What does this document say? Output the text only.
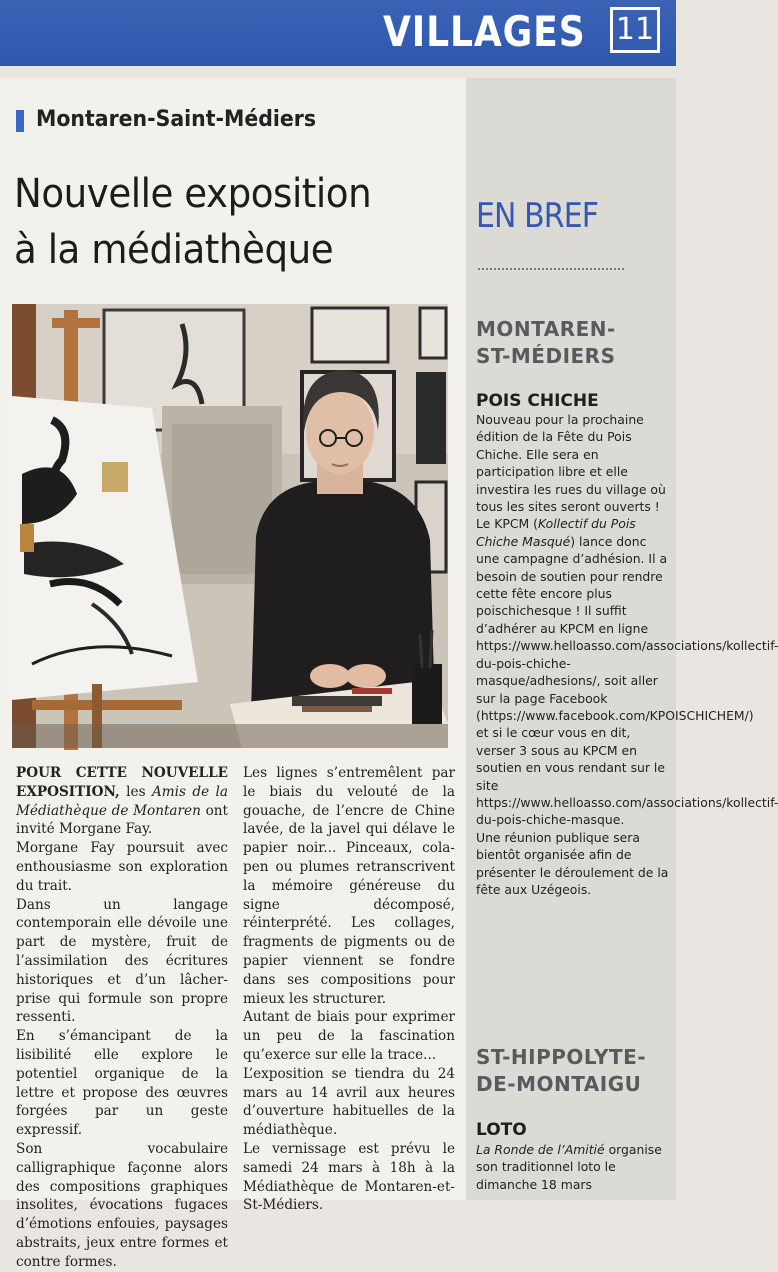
VILLAGES 11
Montaren-Saint-Médiers
Nouvelle exposition
à la médiathèque

POUR CETTE NOUVELLE EXPOSITION, les Amis de la Médiathèque de Montaren ont invité Morgane Fay.

Morgane Fay poursuit avec enthousiasme son exploration du trait.

Dans un langage contemporain elle dévoile une part de mystère, fruit de l’assimilation des écritures historiques et d’un lâcher-prise qui formule son propre ressenti.

En s’émancipant de la lisibilité elle explore le potentiel organique de la lettre et propose des œuvres forgées par un geste expressif.

Son vocabulaire calligraphique façonne alors des compositions graphiques insolites, évocations fugaces d’émotions enfouies, paysages abstraits, jeux entre formes et contre formes.

Les lignes s’entremêlent par le biais du velouté de la gouache, de l’encre de Chine lavée, de la javel qui délave le papier noir... Pinceaux, cola-pen ou plumes retranscrivent la mémoire généreuse du signe décomposé, réinterprété. Les collages, fragments de pigments ou de papier viennent se fondre dans ses compositions pour mieux les structurer.

Autant de biais pour exprimer un peu de la fascination qu’exerce sur elle la trace...

L’exposition se tiendra du 24 mars au 14 avril aux heures d’ouverture habituelles de la médiathèque.

Le vernissage est prévu le samedi 24 mars à 18h à la Médiathèque de Montaren-et-St-Médiers.

EN BREF
MONTAREN-
ST-MÉDIERS
POIS CHICHE

Nouveau pour la prochaine édition de la Fête du Pois Chiche. Elle sera en participation libre et elle investira les rues du village où tous les sites seront ouverts !

Le KPCM (Kollectif du Pois Chiche Masqué) lance donc une campagne d’adhésion. Il a besoin de soutien pour rendre cette fête encore plus poischichesque ! Il suffit d’adhérer au KPCM en ligne https://www.helloasso.com/associations/kollectif-du-pois-chiche-masque/adhesions/, soit aller sur la page Facebook (https://www.facebook.com/KPOISCHICHEM/) et si le cœur vous en dit, verser 3 sous au KPCM en soutien en vous rendant sur le site https://www.helloasso.com/associations/kollectif-du-pois-chiche-masque.

Une réunion publique sera bientôt organisée afin de présenter le déroulement de la fête aux Uzégeois.

ST-HIPPOLYTE-
DE-MONTAIGU
LOTO

La Ronde de l’Amitié organise son traditionnel loto le dimanche 18 mars
